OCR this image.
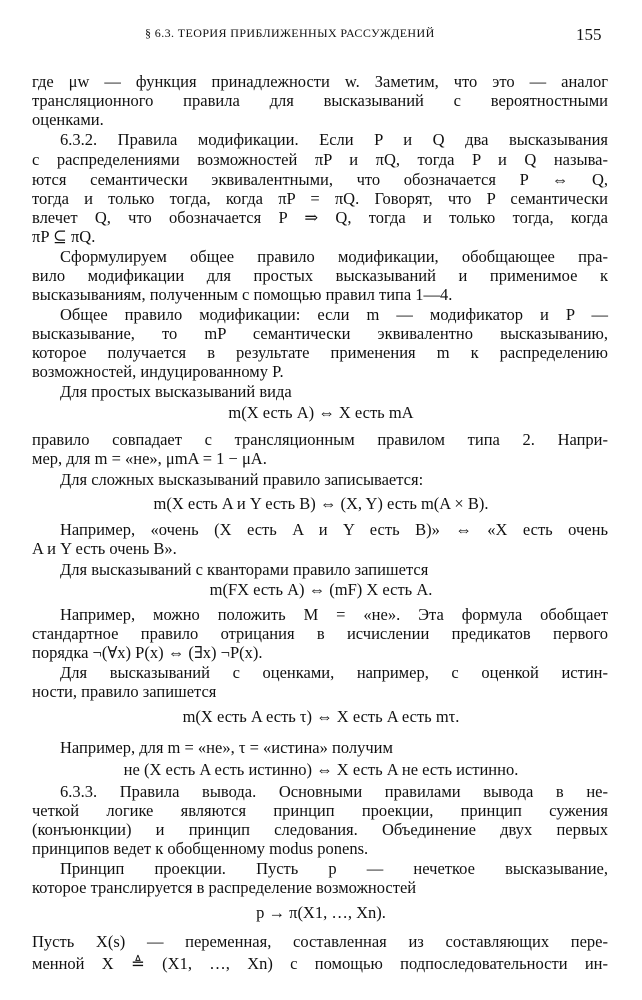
§ 6.3. ТЕОРИЯ ПРИБЛИЖЕННЫХ РАССУЖДЕНИЙ	155
где μw — функция принадлежности w. Заметим, что это — аналог
трансляционного правила для высказываний с вероятностными
оценками.
6.3.2. Правила модификации. Если P и Q два высказывания
с распределениями возможностей πP и πQ, тогда P и Q называ-
ются семантически эквивалентными, что обозначается P ⇔ Q,
тогда и только тогда, когда πP = πQ. Говорят, что P семантически
влечет Q, что обозначается P ⇒ Q, тогда и только тогда, когда
πP ⊆ πQ.
Сформулируем общее правило модификации, обобщающее пра-
вило модификации для простых высказываний и применимое к
высказываниям, полученным с помощью правил типа 1—4.
Общее правило модификации: если m — модификатор и P —
высказывание, то mP семантически эквивалентно высказыванию,
которое получается в результате применения m к распределению
возможностей, индуцированному P.
Для простых высказываний вида
m(X есть A) ⇔ X есть mA
правило совпадает с трансляционным правилом типа 2. Напри-
мер, для m = «не», μmA = 1 − μA.
Для сложных высказываний правило записывается:
m(X есть A и Y есть B) ⇔ (X, Y) есть m(A × B).
Например, «очень (X есть A и Y есть B)» ⇔ «X есть очень
A и Y есть очень B».
Для высказываний с кванторами правило запишется
m(FX есть A) ⇔ (mF) X есть A.
Например, можно положить M = «не». Эта формула обобщает
стандартное правило отрицания в исчислении предикатов первого
порядка ¬(∀x) P(x) ⇔ (∃x) ¬P(x).
Для высказываний с оценками, например, с оценкой истин-
ности, правило запишется
m(X есть A есть τ) ⇔ X есть A есть mτ.
Например, для m = «не», τ = «истина» получим
не (X есть A есть истинно) ⇔ X есть A не есть истинно.
6.3.3. Правила вывода. Основными правилами вывода в не-
четкой логике являются принцип проекции, принцип сужения
(конъюнкции) и принцип следования. Объединение двух первых
принципов ведет к обобщенному modus ponens.
Принцип проекции. Пусть p — нечеткое высказывание,
которое транслируется в распределение возможностей
p → π(X1, …, Xn).
Пусть X(s) — переменная, составленная из составляющих пере-
менной X ≜ (X1, …, Xn) с помощью подпоследовательности ин-
